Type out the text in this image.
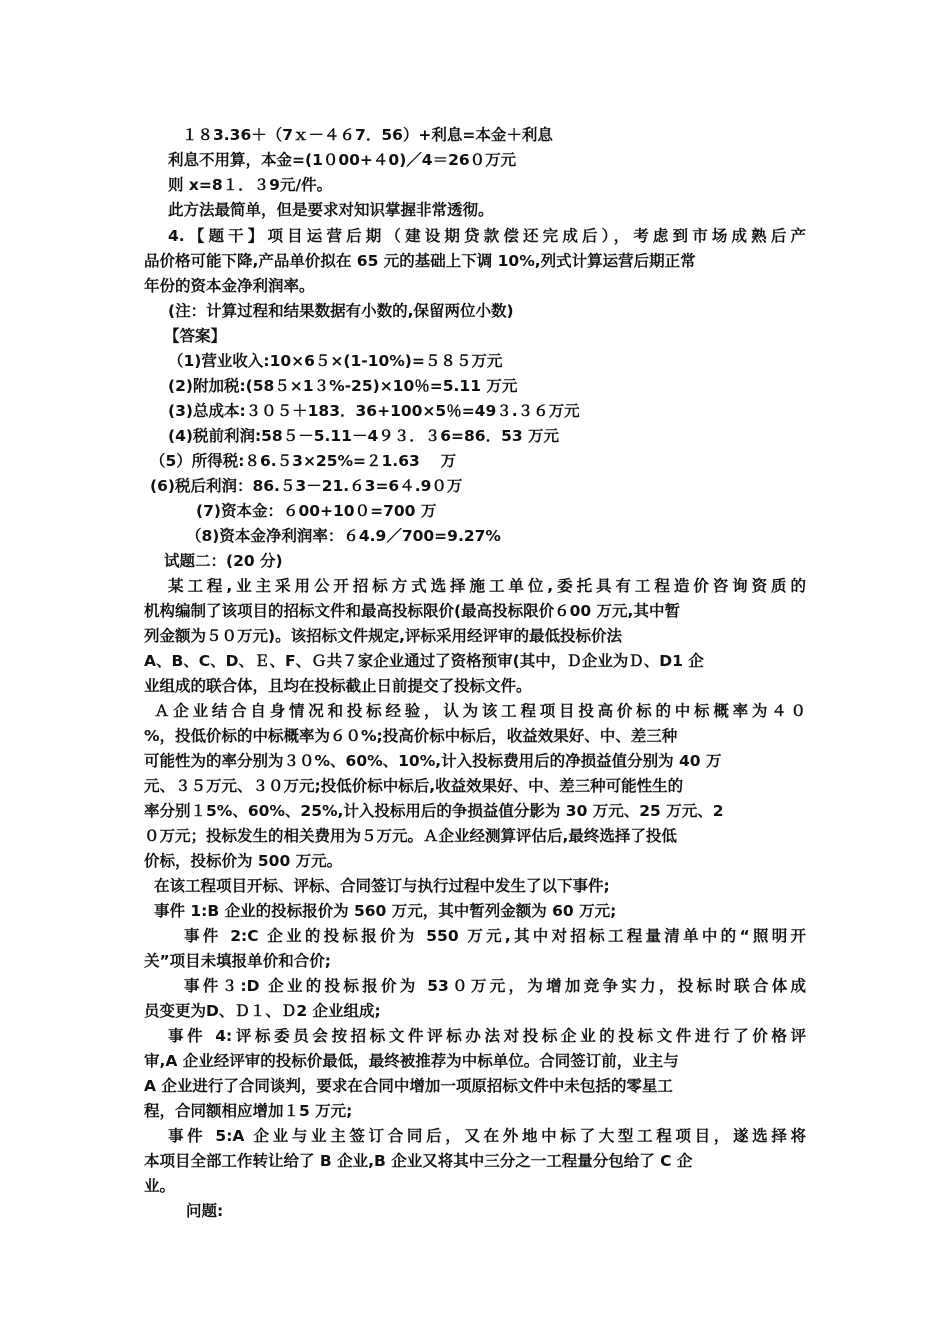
１８3.36＋（7ｘ－４６7．56）+利息=本金＋利息

利息不用算，本金=(1０00+４0)／4＝26０万元

则 x=8１．３9元/件。

此方法最简单，但是要求对知识掌握非常透彻。

4.【题干】项目运营后期（建设期贷款偿还完成后），考虑到市场成熟后产

品价格可能下降,产品单价拟在 65 元的基础上下调 10%,列式计算运营后期正常

年份的资本金净利润率。

(注：计算过程和结果数据有小数的,保留两位小数)

【答案】

（1)营业收入:10×6５×(1-10%)=５８５万元

(2)附加税:(58５×1３%-25)×10％=5.11 万元

(3)总成本:３０５＋183．36+100×5％=49３.３６万元

(4)税前利润:58５－5.11－4９３．３6=86．53 万元

（5）所得税:８6.５3×25%=２1.63　 万

(6)税后利润：86.５3－21.６3=6４.9０万

(7)资本金：６00+10０=700 万

（8)资本金净利润率：６4.9／700=9.27%

试题二：(20 分)

某工程,业主采用公开招标方式选择施工单位,委托具有工程造价咨询资质的

机构编制了该项目的招标文件和最高投标限价(最高投标限价６00 万元,其中暂

列金额为５０万元)。该招标文件规定,评标采用经评审的最低投标价法

A、B、C、D、Ｅ、F、Ｇ共７家企业通过了资格预审(其中，Ｄ企业为Ｄ、D1 企

业组成的联合体，且均在投标截止日前提交了投标文件。

Ａ企业结合自身情况和投标经验，认为该工程项目投高价标的中标概率为４０

%，投低价标的中标概率为６０%;投高价标中标后，收益效果好、中、差三种

可能性为的率分别为３０%、60%、10%,计入投标费用后的净损益值分别为 40 万

元、３５万元、３０万元;投低价标中标后,收益效果好、中、差三种可能性生的

率分别１5%、60%、25%,计入投标用后的争损益值分影为 30 万元、25 万元、2

０万元；投标发生的相关费用为５万元。Ａ企业经测算评估后,最终选择了投低

价标，投标价为 500 万元。

在该工程项目开标、评标、合同签订与执行过程中发生了以下事件;

事件 1:B 企业的投标报价为 560 万元，其中暂列金额为 60 万元;

事件 2:C 企业的投标报价为 550 万元,其中对招标工程量清单中的“照明开

关”项目未填报单价和合价;

事件３:D 企业的投标报价为 53０万元，为增加竞争实力，投标时联合体成

员变更为D、Ｄ１、Ｄ2 企业组成;

事件 4:评标委员会按招标文件评标办法对投标企业的投标文件进行了价格评

审,A 企业经评审的投标价最低，最终被推荐为中标单位。合同签订前，业主与

A 企业进行了合同谈判，要求在合同中增加一项原招标文件中未包括的零星工

程，合同额相应增加１5 万元;

事件 5:A 企业与业主签订合同后，又在外地中标了大型工程项目，遂选择将

本项目全部工作转让给了 B 企业,B 企业又将其中三分之一工程量分包给了 C 企

业。

问题:
